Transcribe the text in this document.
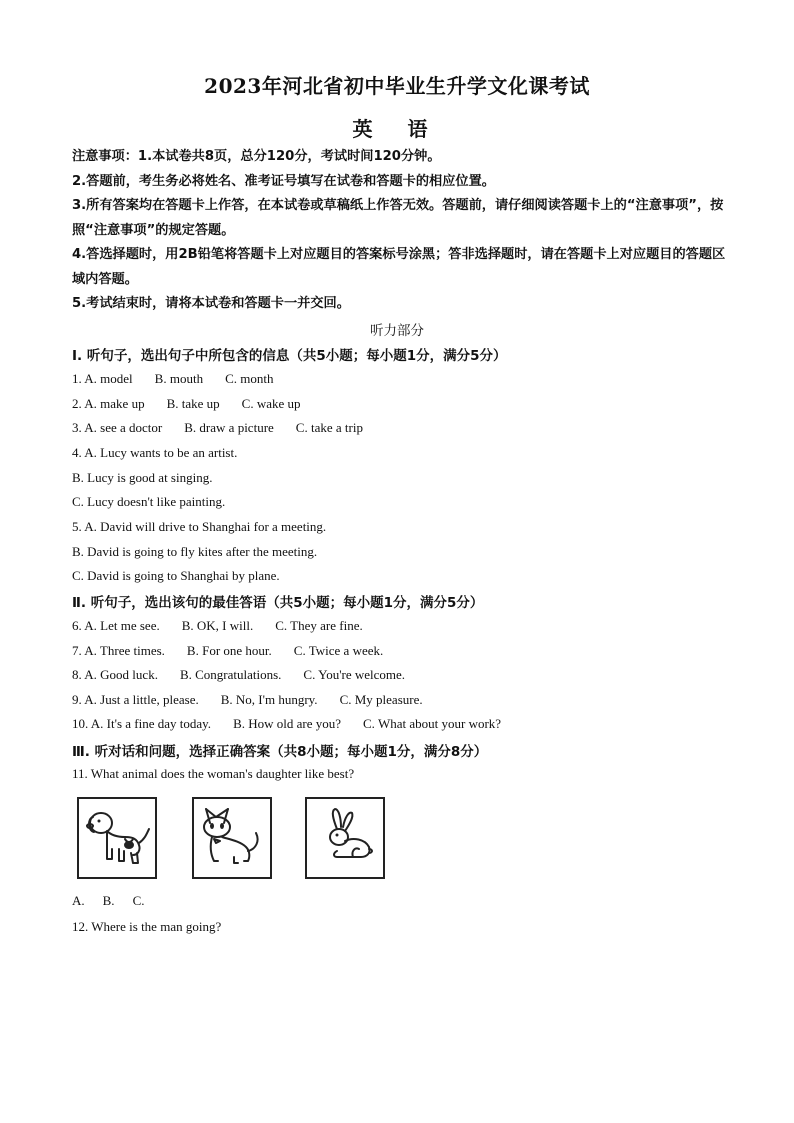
2023年河北省初中毕业生升学文化课考试
英 语

注意事项：1.本试卷共8页，总分120分，考试时间120分钟。

2.答题前，考生务必将姓名、准考证号填写在试卷和答题卡的相应位置。

3.所有答案均在答题卡上作答，在本试卷或草稿纸上作答无效。答题前，请仔细阅读答题卡上的“注意事项”，按照“注意事项”的规定答题。

4.答选择题时，用2B铅笔将答题卡上对应题目的答案标号涂黑；答非选择题时，请在答题卡上对应题目的答题区域内答题。

5.考试结束时，请将本试卷和答题卡一并交回。

听力部分
Ⅰ. 听句子，选出句子中所包含的信息（共5小题；每小题1分，满分5分）
1. A. model B. mouth C. month
2. A. make up B. take up C. wake up
3. A. see a doctor B. draw a picture C. take a trip
4. A. Lucy wants to be an artist.
B. Lucy is good at singing.
C. Lucy doesn't like painting.
5. A. David will drive to Shanghai for a meeting.
B. David is going to fly kites after the meeting.
C. David is going to Shanghai by plane.
Ⅱ. 听句子，选出该句的最佳答语（共5小题；每小题1分，满分5分）
6. A. Let me see. B. OK, I will. C. They are fine.
7. A. Three times. B. For one hour. C. Twice a week.
8. A. Good luck. B. Congratulations. C. You're welcome.
9. A. Just a little, please. B. No, I'm hungry. C. My pleasure.
10. A. It's a fine day today. B. How old are you? C. What about your work?
Ⅲ. 听对话和问题，选择正确答案（共8小题；每小题1分，满分8分）
11. What animal does the woman's daughter like best?
A. B. C.
12. Where is the man going?
